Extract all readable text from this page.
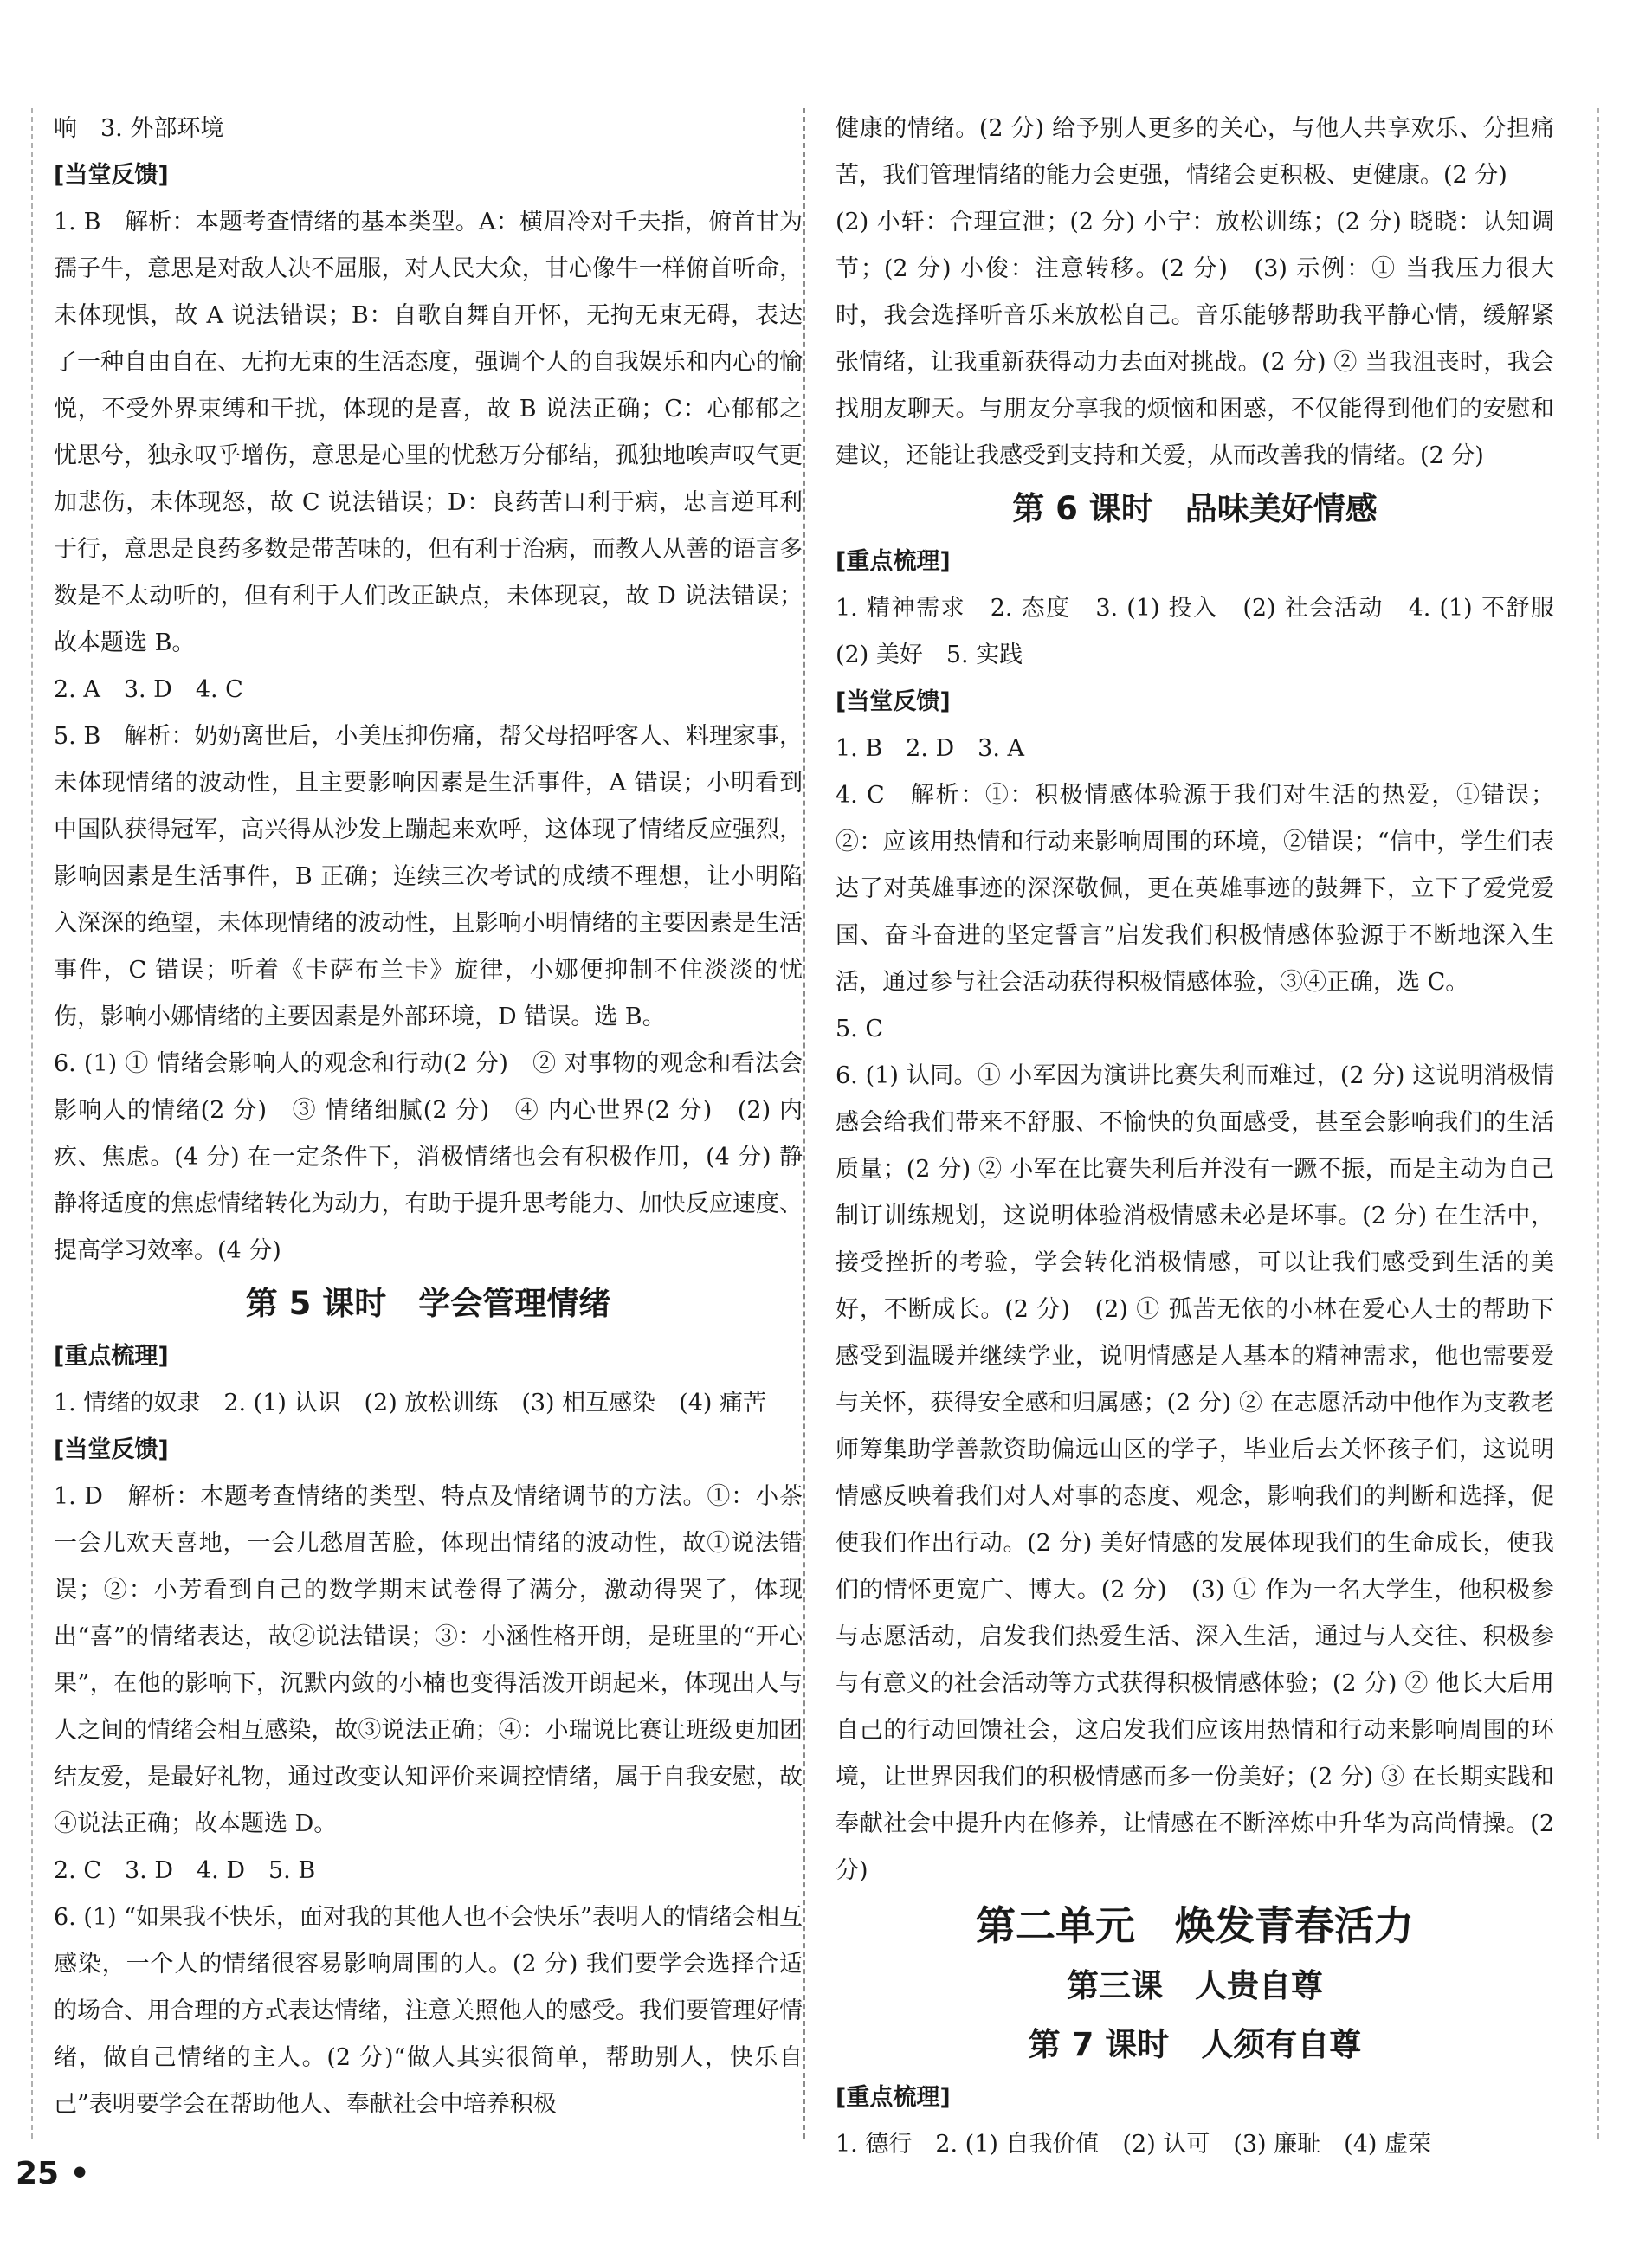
响　3. 外部环境

[当堂反馈]

1. B　解析：本题考查情绪的基本类型。A：横眉冷对千夫指，俯首甘为孺子牛，意思是对敌人决不屈服，对人民大众，甘心像牛一样俯首听命，未体现惧，故 A 说法错误；B：自歌自舞自开怀，无拘无束无碍，表达了一种自由自在、无拘无束的生活态度，强调个人的自我娱乐和内心的愉悦，不受外界束缚和干扰，体现的是喜，故 B 说法正确；C：心郁郁之忧思兮，独永叹乎增伤，意思是心里的忧愁万分郁结，孤独地唉声叹气更加悲伤，未体现怒，故 C 说法错误；D：良药苦口利于病，忠言逆耳利于行，意思是良药多数是带苦味的，但有利于治病，而教人从善的语言多数是不太动听的，但有利于人们改正缺点，未体现哀，故 D 说法错误；故本题选 B。

2. A　3. D　4. C

5. B　解析：奶奶离世后，小美压抑伤痛，帮父母招呼客人、料理家事，未体现情绪的波动性，且主要影响因素是生活事件，A 错误；小明看到中国队获得冠军，高兴得从沙发上蹦起来欢呼，这体现了情绪反应强烈，影响因素是生活事件，B 正确；连续三次考试的成绩不理想，让小明陷入深深的绝望，未体现情绪的波动性，且影响小明情绪的主要因素是生活事件，C 错误；听着《卡萨布兰卡》旋律，小娜便抑制不住淡淡的忧伤，影响小娜情绪的主要因素是外部环境，D 错误。选 B。

6. (1) ① 情绪会影响人的观念和行动(2 分)　② 对事物的观念和看法会影响人的情绪(2 分)　③ 情绪细腻(2 分)　④ 内心世界(2 分)　(2) 内疚、焦虑。(4 分) 在一定条件下，消极情绪也会有积极作用，(4 分) 静静将适度的焦虑情绪转化为动力，有助于提升思考能力、加快反应速度、提高学习效率。(4 分)

第 5 课时　学会管理情绪
[重点梳理]

1. 情绪的奴隶　2. (1) 认识　(2) 放松训练　(3) 相互感染　(4) 痛苦

[当堂反馈]

1. D　解析：本题考查情绪的类型、特点及情绪调节的方法。①：小茶一会儿欢天喜地，一会儿愁眉苦脸，体现出情绪的波动性，故①说法错误；②：小芳看到自己的数学期末试卷得了满分，激动得哭了，体现出“喜”的情绪表达，故②说法错误；③：小涵性格开朗，是班里的“开心果”，在他的影响下，沉默内敛的小楠也变得活泼开朗起来，体现出人与人之间的情绪会相互感染，故③说法正确；④：小瑞说比赛让班级更加团结友爱，是最好礼物，通过改变认知评价来调控情绪，属于自我安慰，故④说法正确；故本题选 D。

2. C　3. D　4. D　5. B

6. (1) “如果我不快乐，面对我的其他人也不会快乐”表明人的情绪会相互感染，一个人的情绪很容易影响周围的人。(2 分) 我们要学会选择合适的场合、用合理的方式表达情绪，注意关照他人的感受。我们要管理好情绪，做自己情绪的主人。(2 分)“做人其实很简单，帮助别人，快乐自己”表明要学会在帮助他人、奉献社会中培养积极

健康的情绪。(2 分) 给予别人更多的关心，与他人共享欢乐、分担痛苦，我们管理情绪的能力会更强，情绪会更积极、更健康。(2 分)

(2) 小轩：合理宣泄；(2 分) 小宁：放松训练；(2 分) 晓晓：认知调节；(2 分) 小俊：注意转移。(2 分)　(3) 示例：① 当我压力很大时，我会选择听音乐来放松自己。音乐能够帮助我平静心情，缓解紧张情绪，让我重新获得动力去面对挑战。(2 分) ② 当我沮丧时，我会找朋友聊天。与朋友分享我的烦恼和困惑，不仅能得到他们的安慰和建议，还能让我感受到支持和关爱，从而改善我的情绪。(2 分)

第 6 课时　品味美好情感
[重点梳理]

1. 精神需求　2. 态度　3. (1) 投入　(2) 社会活动　4. (1) 不舒服　(2) 美好　5. 实践

[当堂反馈]

1. B　2. D　3. A

4. C　解析：①：积极情感体验源于我们对生活的热爱，①错误；②：应该用热情和行动来影响周围的环境，②错误；“信中，学生们表达了对英雄事迹的深深敬佩，更在英雄事迹的鼓舞下，立下了爱党爱国、奋斗奋进的坚定誓言”启发我们积极情感体验源于不断地深入生活，通过参与社会活动获得积极情感体验，③④正确，选 C。

5. C

6. (1) 认同。① 小军因为演讲比赛失利而难过，(2 分) 这说明消极情感会给我们带来不舒服、不愉快的负面感受，甚至会影响我们的生活质量；(2 分) ② 小军在比赛失利后并没有一蹶不振，而是主动为自己制订训练规划，这说明体验消极情感未必是坏事。(2 分) 在生活中，接受挫折的考验，学会转化消极情感，可以让我们感受到生活的美好，不断成长。(2 分)　(2) ① 孤苦无依的小林在爱心人士的帮助下感受到温暖并继续学业，说明情感是人基本的精神需求，他也需要爱与关怀，获得安全感和归属感；(2 分) ② 在志愿活动中他作为支教老师筹集助学善款资助偏远山区的学子，毕业后去关怀孩子们，这说明情感反映着我们对人对事的态度、观念，影响我们的判断和选择，促使我们作出行动。(2 分) 美好情感的发展体现我们的生命成长，使我们的情怀更宽广、博大。(2 分)　(3) ① 作为一名大学生，他积极参与志愿活动，启发我们热爱生活、深入生活，通过与人交往、积极参与有意义的社会活动等方式获得积极情感体验；(2 分) ② 他长大后用自己的行动回馈社会，这启发我们应该用热情和行动来影响周围的环境，让世界因我们的积极情感而多一份美好；(2 分) ③ 在长期实践和奉献社会中提升内在修养，让情感在不断淬炼中升华为高尚情操。(2 分)

第二单元　焕发青春活力
第三课　人贵自尊
第 7 课时　人须有自尊
[重点梳理]

1. 德行　2. (1) 自我价值　(2) 认可　(3) 廉耻　(4) 虚荣

25 •
